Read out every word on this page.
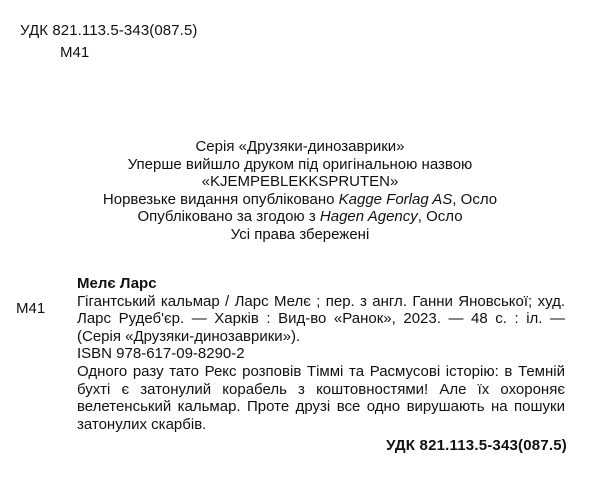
УДК 821.113.5-343(087.5)
М41
Серія «Друзяки-динозаврики»
Уперше вийшло друком під оригінальною назвою
«KJEMPEBLEKKSPRUTEN»
Норвезьке видання опубліковано Kagge Forlag AS, Осло
Опубліковано за згодою з Hagen Agency, Осло
Усі права збережені
М41
Мелє Ларс
Гігантський кальмар / Ларс Мелє ; пер. з англ. Ганни Яновської; худ. Ларс Рудеб'єр. — Харків : Вид-во «Ранок», 2023. — 48 с. : іл. — (Серія «Друзяки-динозаврики»).
ISBN 978-617-09-8290-2
Одного разу тато Рекс розповів Тіммі та Расмусові історію: в Темній бухті є затонулий корабель з коштовностями! Але їх охороняє велетенський кальмар. Проте друзі все одно вирушають на пошуки затонулих скарбів.
УДК 821.113.5-343(087.5)
